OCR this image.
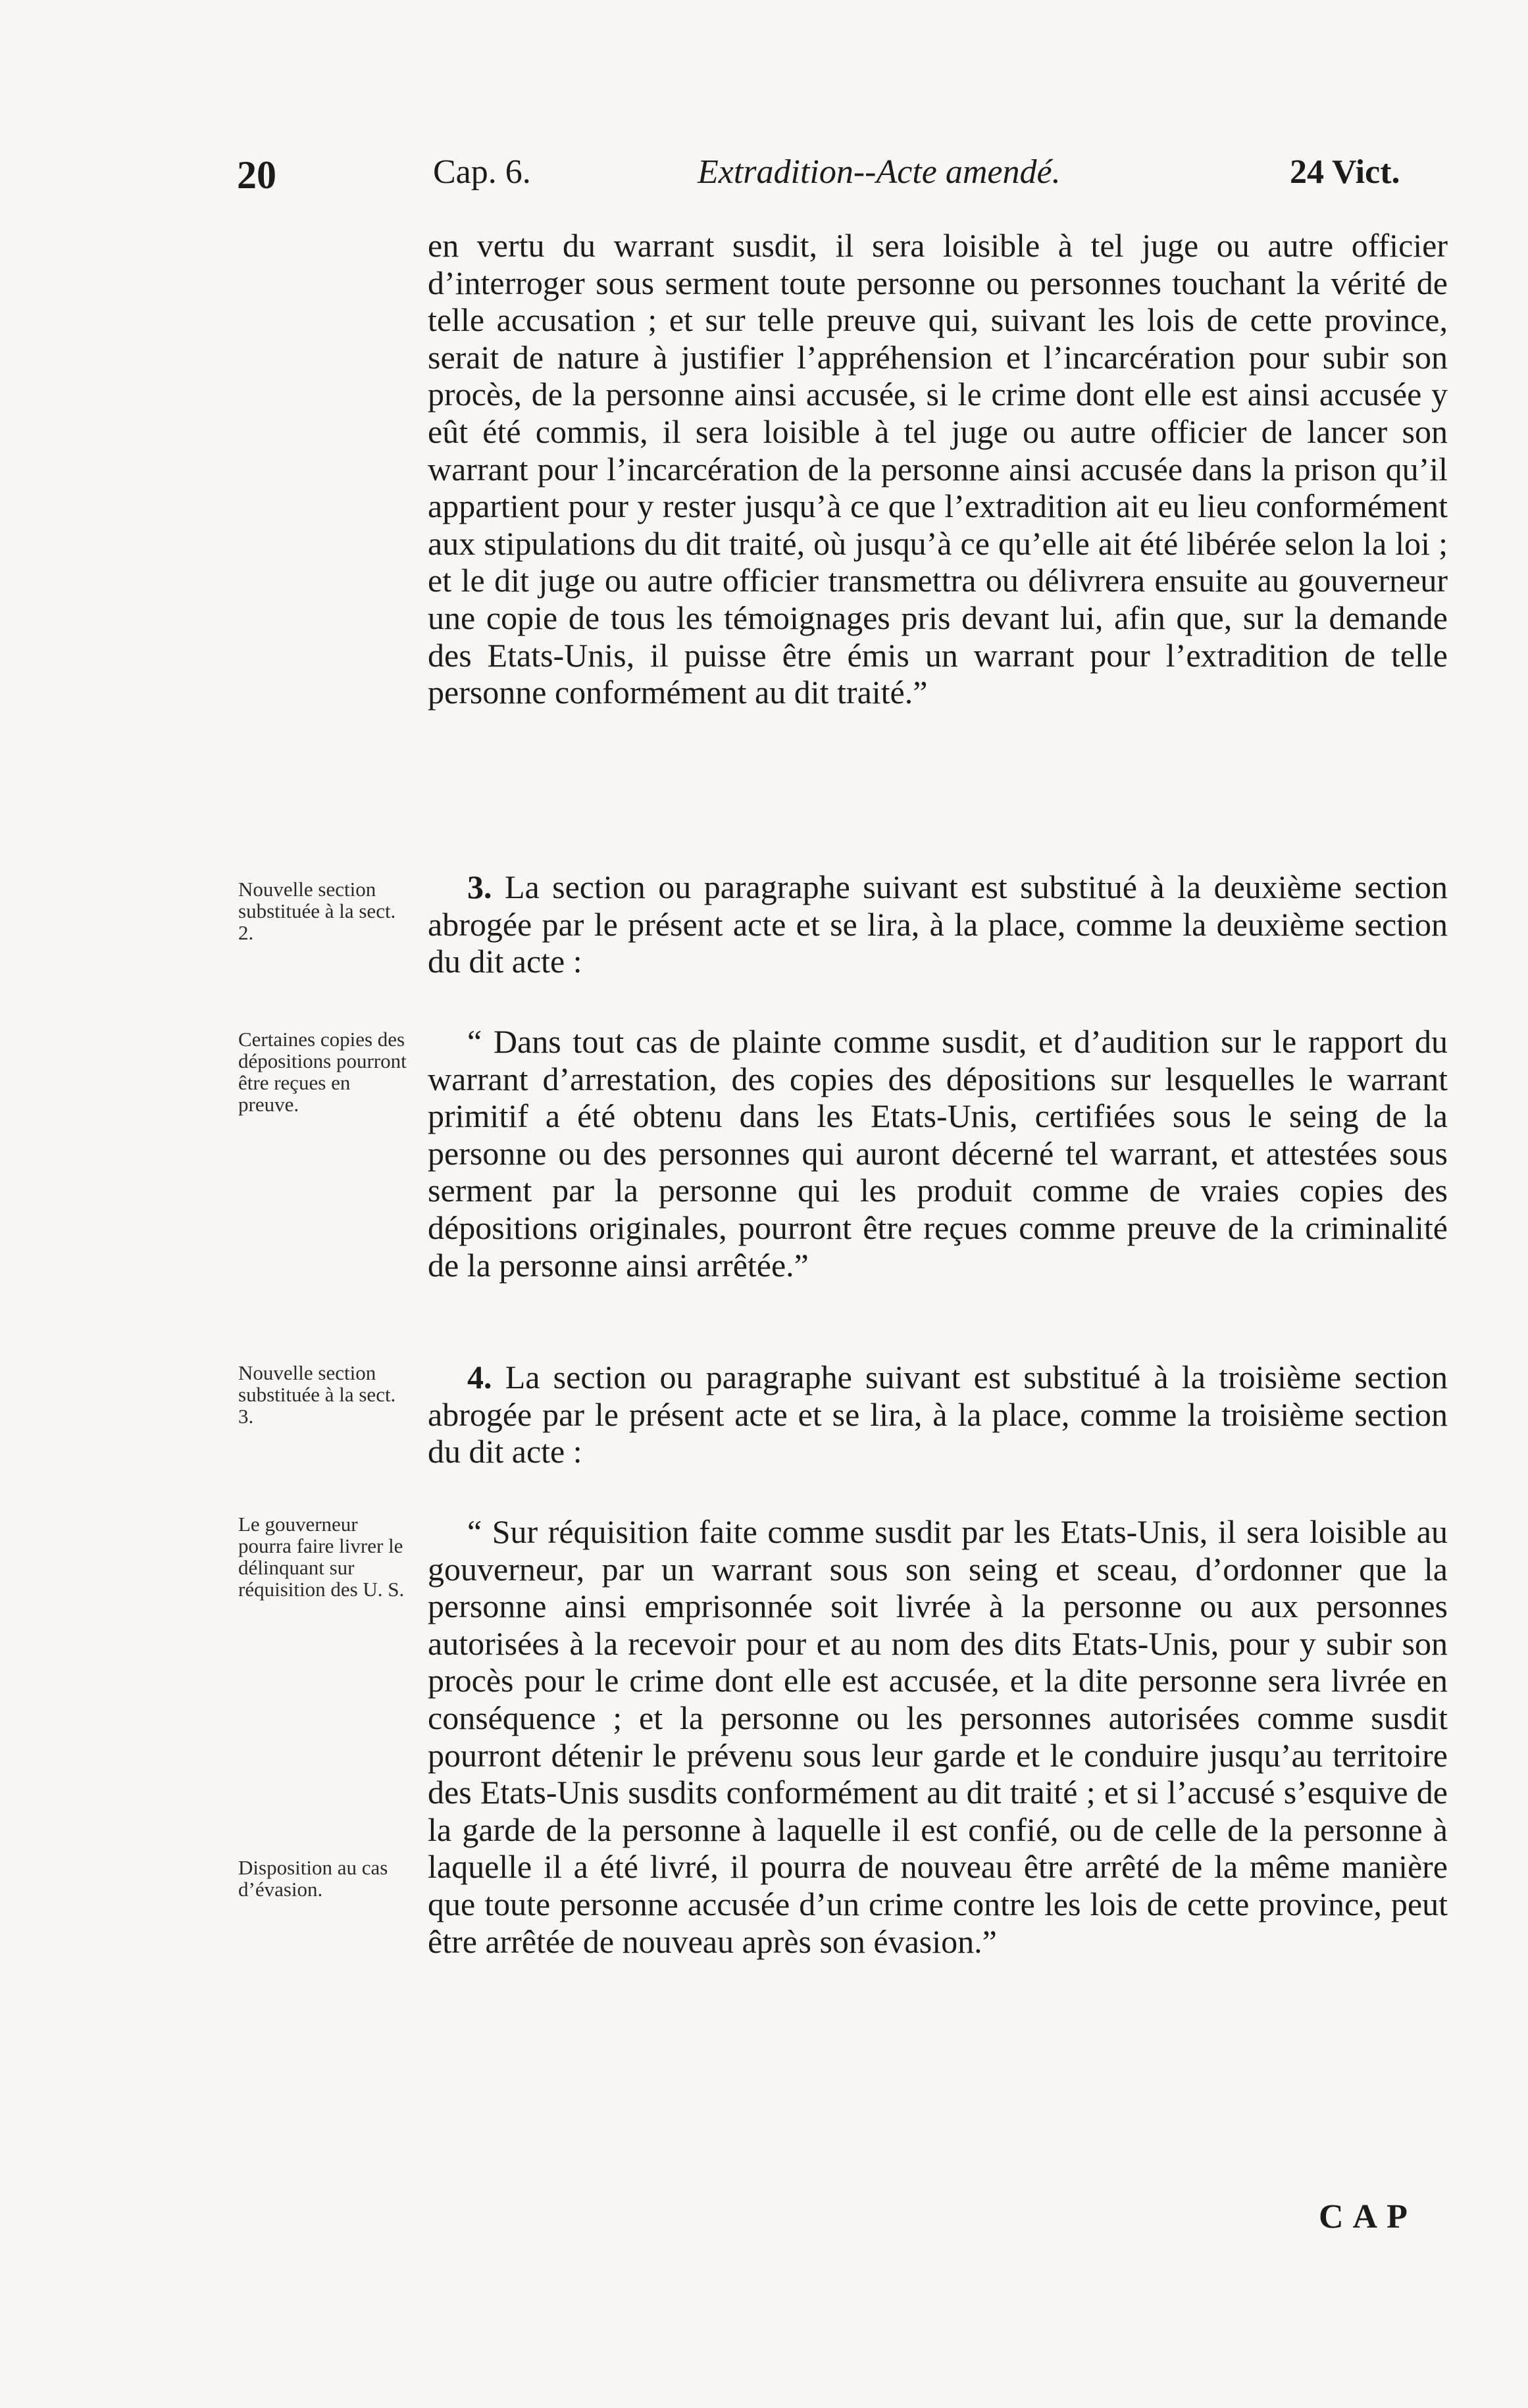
20	Cap. 6.	Extradition--Acte amendé.	24 Vict.

en vertu du warrant susdit, il sera loisible à tel juge ou autre officier d’interroger sous serment toute personne ou personnes touchant la vérité de telle accusation ; et sur telle preuve qui, suivant les lois de cette province, serait de nature à justifier l’appréhension et l’incarcération pour subir son procès, de la personne ainsi accusée, si le crime dont elle est ainsi accusée y eût été commis, il sera loisible à tel juge ou autre officier de lancer son warrant pour l’incarcération de la personne ainsi accusée dans la prison qu’il appartient pour y rester jusqu’à ce que l’extradition ait eu lieu conformément aux stipulations du dit traité, où jusqu’à ce qu’elle ait été libérée selon la loi ; et le dit juge ou autre officier transmettra ou délivrera ensuite au gouverneur une copie de tous les témoignages pris devant lui, afin que, sur la demande des Etats-Unis, il puisse être émis un warrant pour l’extradition de telle personne conformément au dit traité.”

3. La section ou paragraphe suivant est substitué à la deuxième section abrogée par le présent acte et se lira, à la place, comme la deuxième section du dit acte :

“ Dans tout cas de plainte comme susdit, et d’audition sur le rapport du warrant d’arrestation, des copies des dépositions sur lesquelles le warrant primitif a été obtenu dans les Etats-Unis, certifiées sous le seing de la personne ou des personnes qui auront décerné tel warrant, et attestées sous serment par la personne qui les produit comme de vraies copies des dépositions originales, pourront être reçues comme preuve de la criminalité de la personne ainsi arrêtée.”

4. La section ou paragraphe suivant est substitué à la troisième section abrogée par le présent acte et se lira, à la place, comme la troisième section du dit acte :

“ Sur réquisition faite comme susdit par les Etats-Unis, il sera loisible au gouverneur, par un warrant sous son seing et sceau, d’ordonner que la personne ainsi emprisonnée soit livrée à la personne ou aux personnes autorisées à la recevoir pour et au nom des dits Etats-Unis, pour y subir son procès pour le crime dont elle est accusée, et la dite personne sera livrée en conséquence ; et la personne ou les personnes autorisées comme susdit pourront détenir le prévenu sous leur garde et le conduire jusqu’au territoire des Etats-Unis susdits conformément au dit traité ; et si l’accusé s’esquive de la garde de la personne à laquelle il est confié, ou de celle de la personne à laquelle il a été livré, il pourra de nouveau être arrêté de la même manière que toute personne accusée d’un crime contre les lois de cette province, peut être arrêtée de nouveau après son évasion.”

Nouvelle section substituée à la sect. 2.

Certaines copies des dépositions pourront être reçues en preuve.

Nouvelle section substituée à la sect. 3.

Le gouverneur pourra faire livrer le délinquant sur réquisition des U. S.

Disposition au cas d’évasion.

CAP
